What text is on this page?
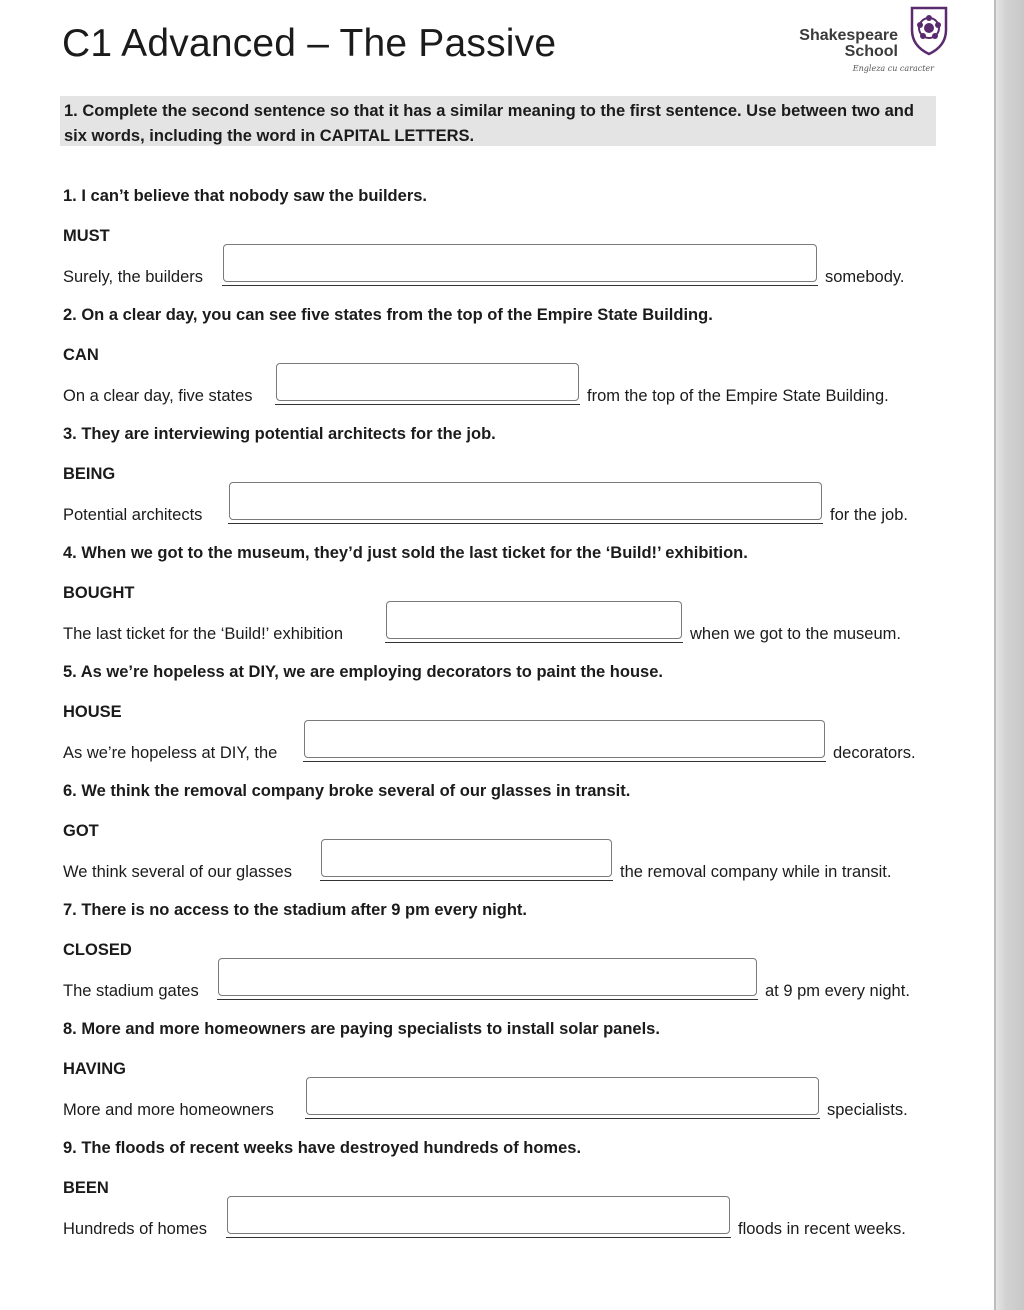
C1 Advanced – The Passive	Shakespeare
School
Engleza cu caracter
1. Complete the second sentence so that it has a similar meaning to the first sentence. Use between two and six words, including the word in CAPITAL LETTERS.
1. I can’t believe that nobody saw the builders.
MUST
Surely, the builders	somebody.
2. On a clear day, you can see five states from the top of the Empire State Building.
CAN
On a clear day, five states	from the top of the Empire State Building.
3. They are interviewing potential architects for the job.
BEING
Potential architects	for the job.
4. When we got to the museum, they’d just sold the last ticket for the ‘Build!’ exhibition.
BOUGHT
The last ticket for the ‘Build!’ exhibition	when we got to the museum.
5. As we’re hopeless at DIY, we are employing decorators to paint the house.
HOUSE
As we’re hopeless at DIY, the	decorators.
6. We think the removal company broke several of our glasses in transit.
GOT
We think several of our glasses	the removal company while in transit.
7. There is no access to the stadium after 9 pm every night.
CLOSED
The stadium gates	at 9 pm every night.
8. More and more homeowners are paying specialists to install solar panels.
HAVING
More and more homeowners	specialists.
9. The floods of recent weeks have destroyed hundreds of homes.
BEEN
Hundreds of homes	floods in recent weeks.
